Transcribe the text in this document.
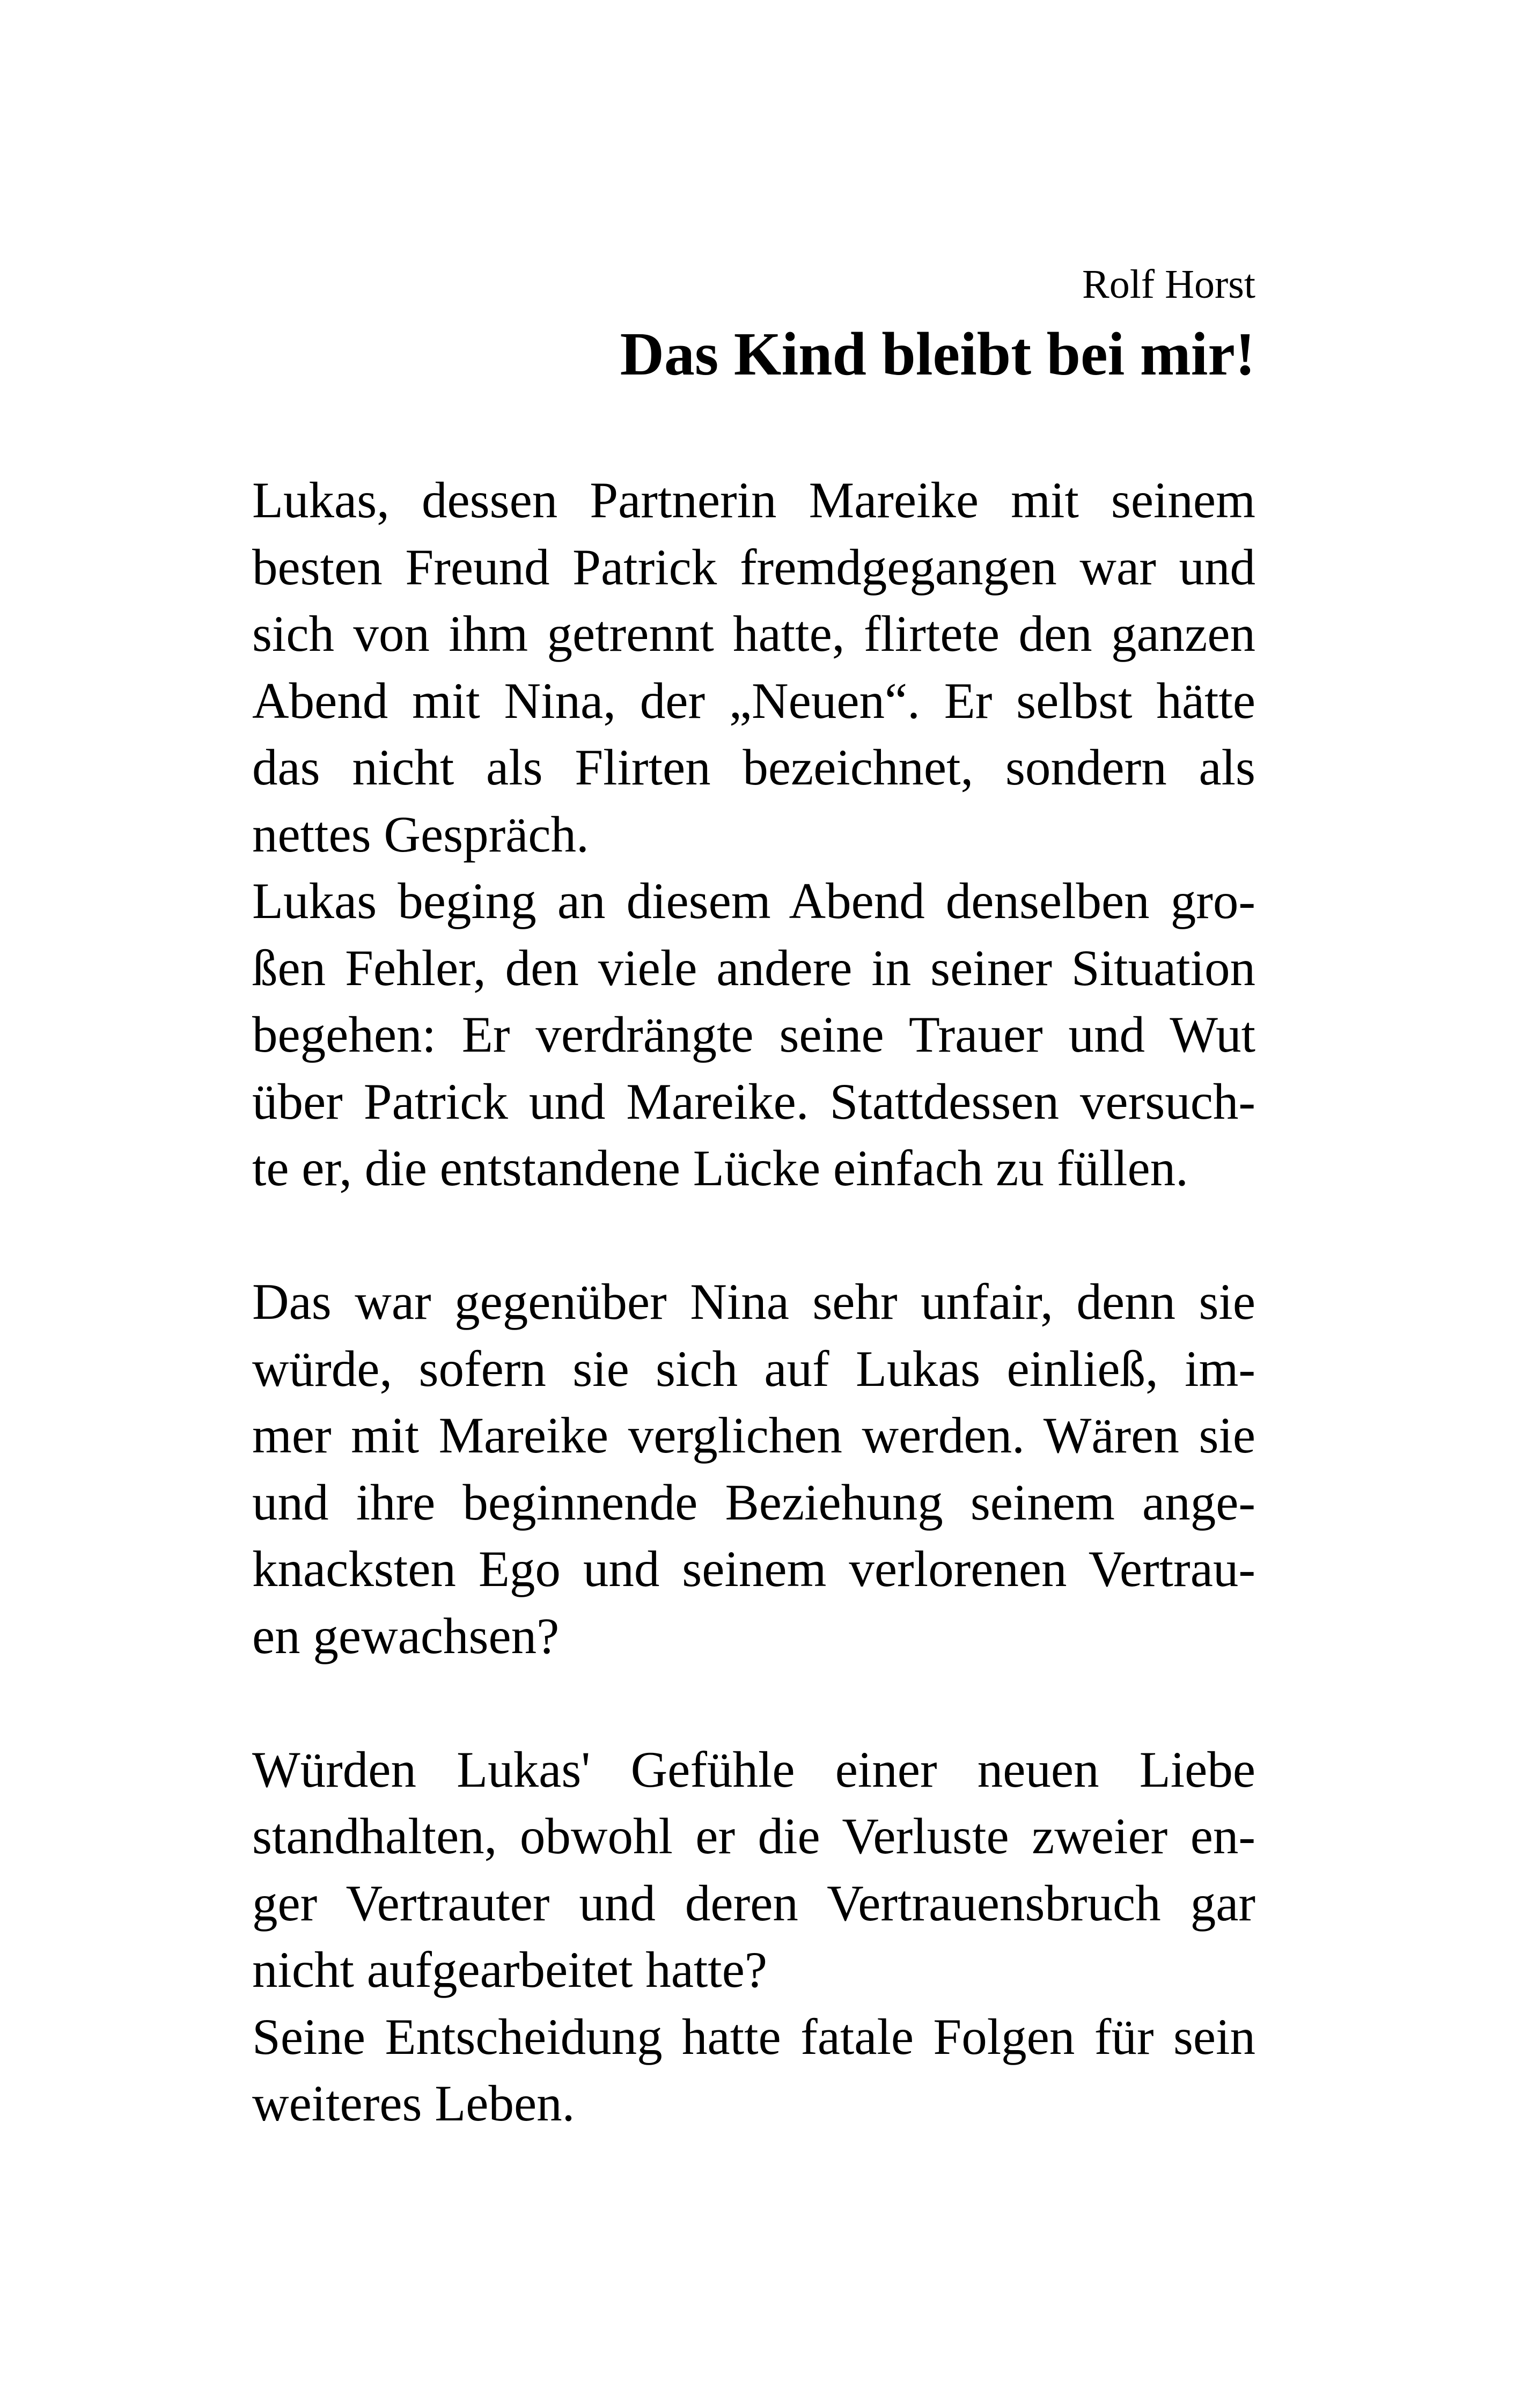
Rolf Horst

Das Kind bleibt bei mir!

Lukas, dessen Partnerin Mareike mit seinem
besten Freund Patrick fremdgegangen war und
sich von ihm getrennt hatte, flirtete den ganzen
Abend mit Nina, der „Neuen“. Er selbst hätte
das nicht als Flirten bezeichnet, sondern als
nettes Gespräch.
Lukas beging an diesem Abend denselben gro-
ßen Fehler, den viele andere in seiner Situation
begehen: Er verdrängte seine Trauer und Wut
über Patrick und Mareike. Stattdessen versuch-
te er, die entstandene Lücke einfach zu füllen.
Das war gegenüber Nina sehr unfair, denn sie
würde, sofern sie sich auf Lukas einließ, im-
mer mit Mareike verglichen werden. Wären sie
und ihre beginnende Beziehung seinem ange-
knacksten Ego und seinem verlorenen Vertrau-
en gewachsen?
Würden Lukas' Gefühle einer neuen Liebe
standhalten, obwohl er die Verluste zweier en-
ger Vertrauter und deren Vertrauensbruch gar
nicht aufgearbeitet hatte?
Seine Entscheidung hatte fatale Folgen für sein
weiteres Leben.
